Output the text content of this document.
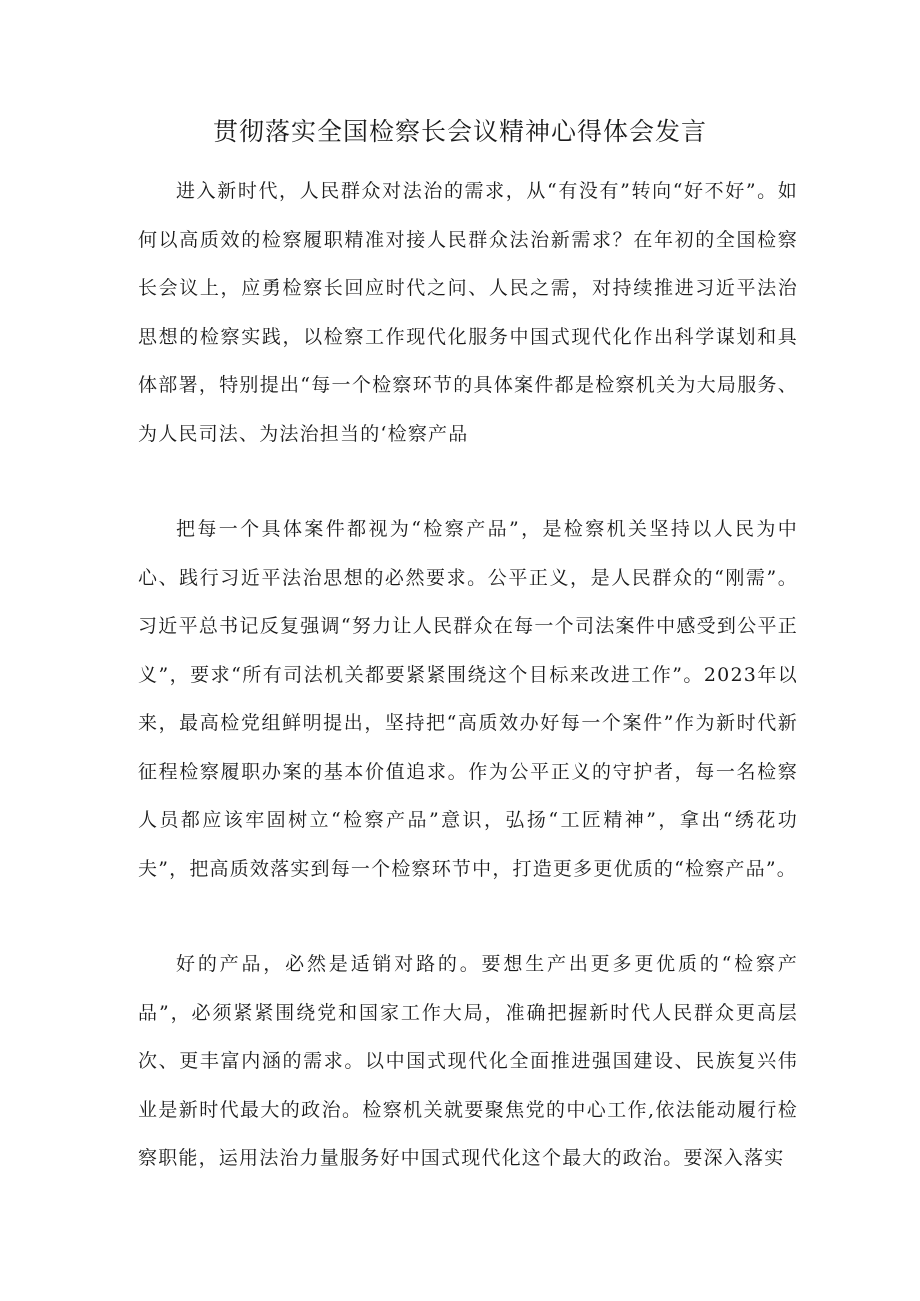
贯彻落实全国检察长会议精神心得体会发言

进入新时代，人民群众对法治的需求，从“有没有”转向“好不好”。如何以高质效的检察履职精准对接人民群众法治新需求？在年初的全国检察长会议上，应勇检察长回应时代之问、人民之需，对持续推进习近平法治思想的检察实践，以检察工作现代化服务中国式现代化作出科学谋划和具体部署，特别提出“每一个检察环节的具体案件都是检察机关为大局服务、为人民司法、为法治担当的‘检察产品

把每一个具体案件都视为“检察产品”，是检察机关坚持以人民为中心、践行习近平法治思想的必然要求。公平正义，是人民群众的“刚需”。习近平总书记反复强调“努力让人民群众在每一个司法案件中感受到公平正义”，要求“所有司法机关都要紧紧围绕这个目标来改进工作”。2023年以来，最高检党组鲜明提出，坚持把“高质效办好每一个案件”作为新时代新征程检察履职办案的基本价值追求。作为公平正义的守护者，每一名检察人员都应该牢固树立“检察产品”意识，弘扬“工匠精神”，拿出“绣花功夫”，把高质效落实到每一个检察环节中，打造更多更优质的“检察产品”。

好的产品，必然是适销对路的。要想生产出更多更优质的“检察产品”，必须紧紧围绕党和国家工作大局，准确把握新时代人民群众更高层次、更丰富内涵的需求。以中国式现代化全面推进强国建设、民族复兴伟业是新时代最大的政治。检察机关就要聚焦党的中心工作,依法能动履行检察职能，运用法治力量服务好中国式现代化这个最大的政治。要深入落实
